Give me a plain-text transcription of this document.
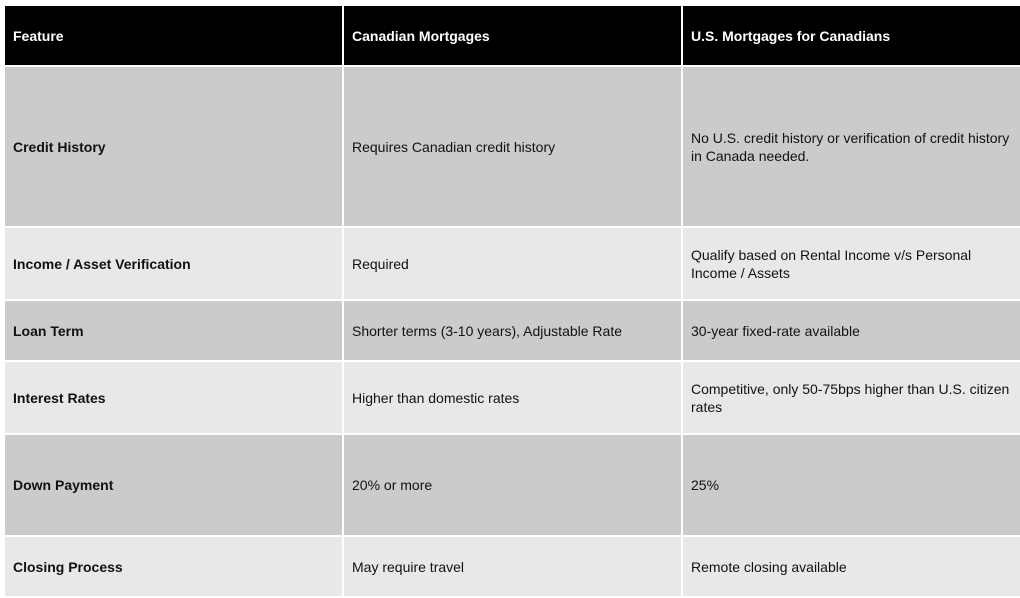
Feature	Canadian Mortgages	U.S. Mortgages for Canadians
Credit History	Requires Canadian credit history	No U.S. credit history or verification of credit history in Canada needed.
Income / Asset Verification	Required	Qualify based on Rental Income v/s Personal Income / Assets
Loan Term	Shorter terms (3-10 years), Adjustable Rate	30-year fixed-rate available
Interest Rates	Higher than domestic rates	Competitive, only 50-75bps higher than U.S. citizen rates
Down Payment	20% or more	25%
Closing Process	May require travel	Remote closing available
